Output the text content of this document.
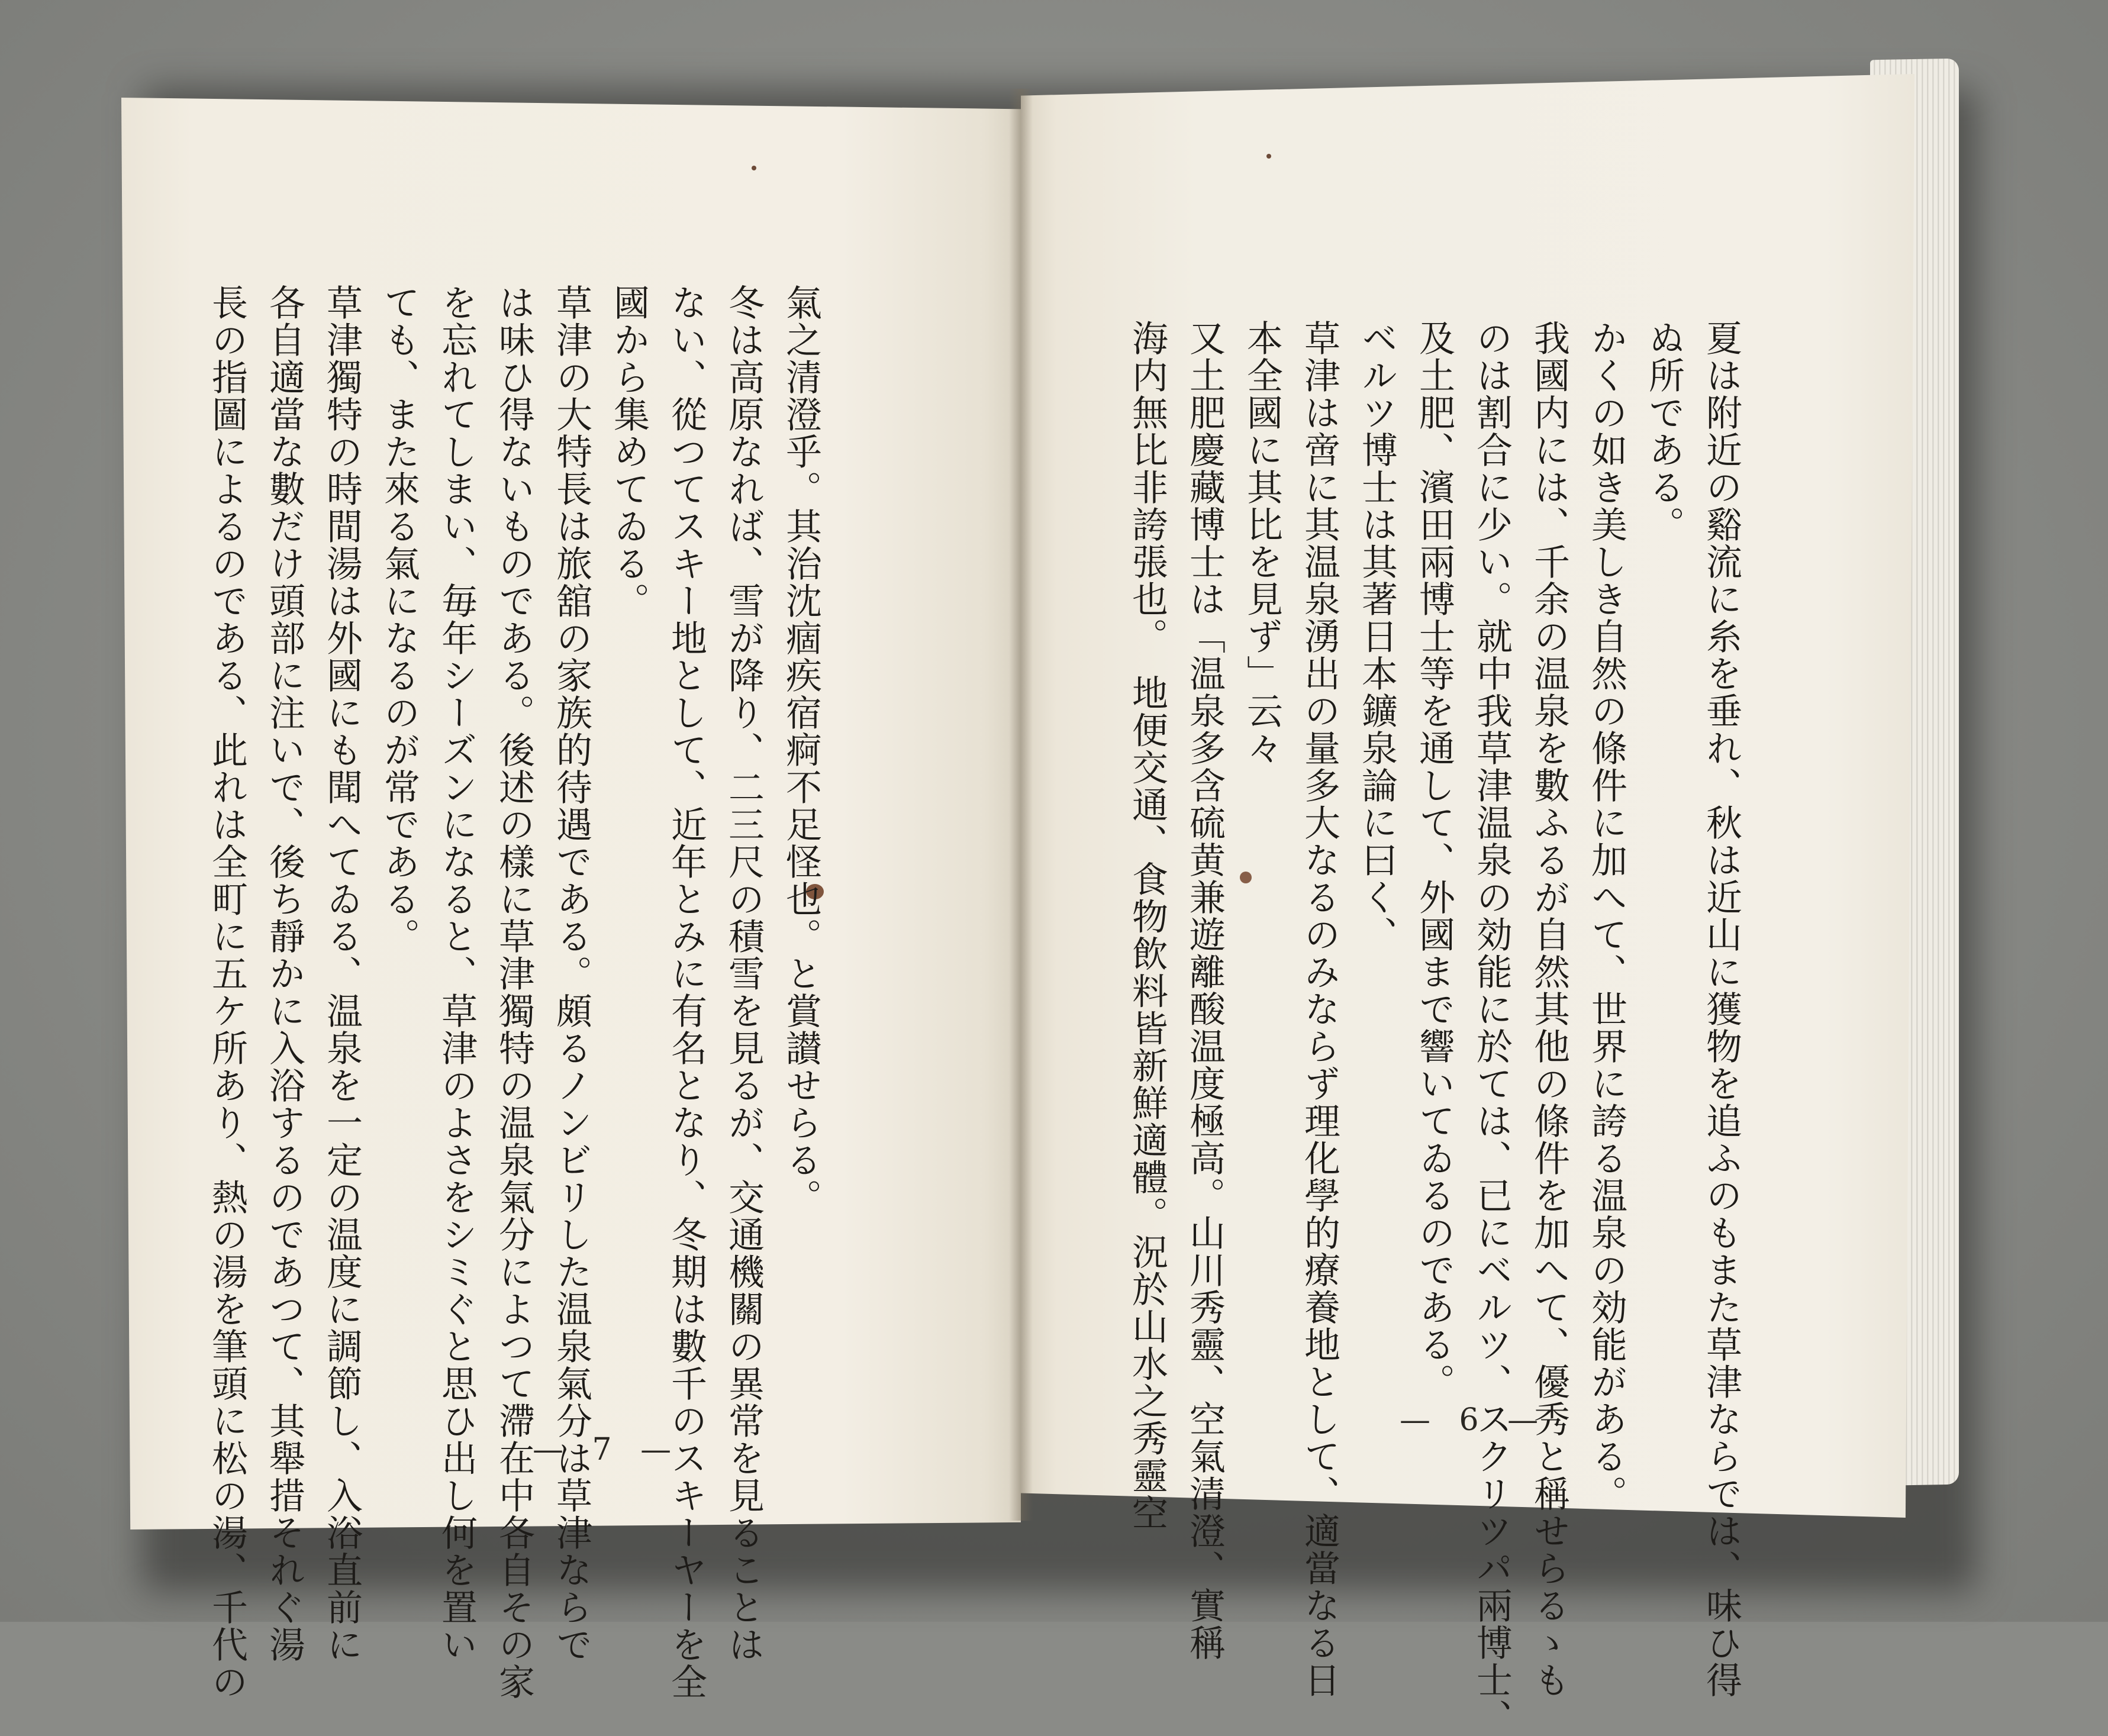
氣之清澄乎。其治沈痼疾宿痾不足怪也。と賞讃せらる。

冬は高原なれば、雪が降り、二三尺の積雪を見るが、交通機關の異常を見ることは

ない、從つてスキー地として、近年とみに有名となり、冬期は數千のスキーヤーを全

國から集めてゐる。

草津の大特長は旅舘の家族的待遇である。頗るノンビリした温泉氣分は草津ならで

は味ひ得ないものである。後述の樣に草津獨特の温泉氣分によつて滯在中各自その家

を忘れてしまい、毎年シーズンになると、草津のよさをシミぐと思ひ出し何を置い

ても、また來る氣になるのが常である。

草津獨特の時間湯は外國にも聞へてゐる、温泉を一定の温度に調節し、入浴直前に

各自適當な數だけ頭部に注いで、後ち靜かに入浴するのであつて、其舉措それぐ湯

長の指圖によるのである、此れは全町に五ケ所あり、熱の湯を筆頭に松の湯、千代の	— 7 —	夏は附近の谿流に糸を垂れ、秋は近山に獲物を追ふのもまた草津ならでは、味ひ得

ぬ所である。

かくの如き美しき自然の條件に加へて、世界に誇る温泉の効能がある。

我國内には、千余の温泉を數ふるが自然其他の條件を加へて、優秀と稱せらるゝも

のは割合に少い。就中我草津温泉の効能に於ては、已にベルツ、スクリツパ兩博士、

及土肥、濱田兩博士等を通して、外國まで響いてゐるのである。

ベルツ博士は其著日本鑛泉論に曰く、

草津は啻に其温泉湧出の量多大なるのみならず理化學的療養地として、適當なる日

本全國に其比を見ず」云々

又土肥慶藏博士は「温泉多含硫黄兼遊離酸温度極高。山川秀靈、空氣清澄、實稱

海内無比非誇張也。　地便交通、食物飲料皆新鮮適體。況於山水之秀靈空	— 6 —
